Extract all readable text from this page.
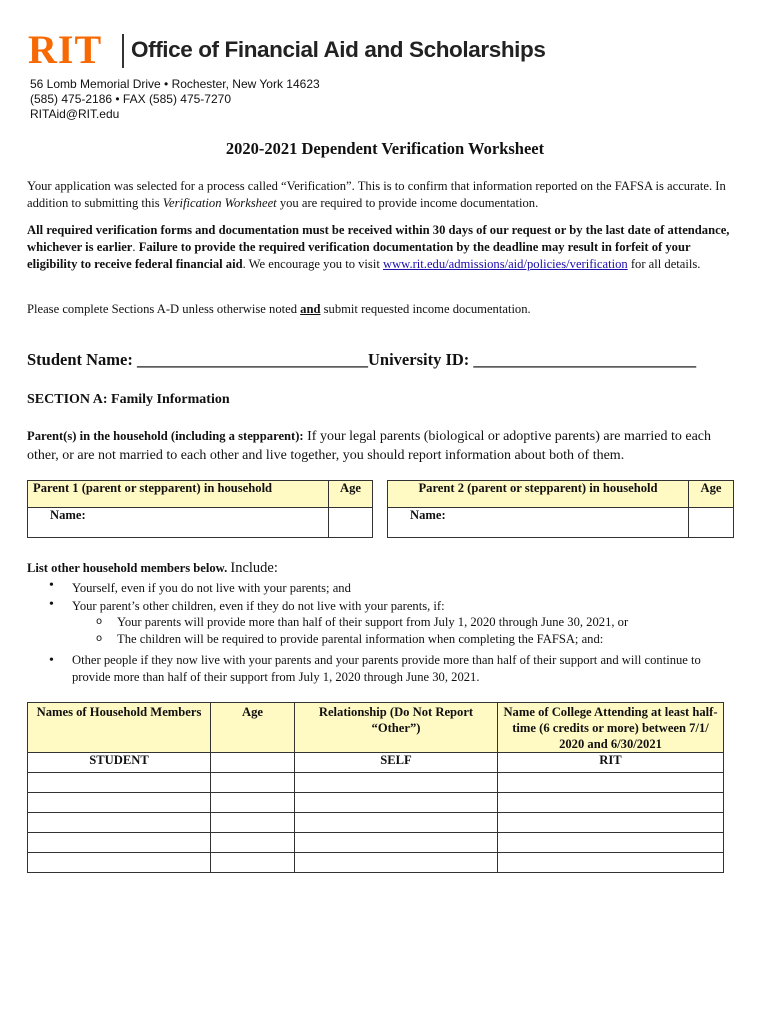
RIT Office of Financial Aid and Scholarships
56 Lomb Memorial Drive • Rochester, New York 14623
(585) 475-2186 • FAX (585) 475-7270
RITAid@RIT.edu
2020-2021 Dependent Verification Worksheet
Your application was selected for a process called “Verification”. This is to confirm that information reported on the FAFSA is accurate. In addition to submitting this Verification Worksheet you are required to provide income documentation.
All required verification forms and documentation must be received within 30 days of our request or by the last date of attendance, whichever is earlier. Failure to provide the required verification documentation by the deadline may result in forfeit of your eligibility to receive federal financial aid. We encourage you to visit www.rit.edu/admissions/aid/policies/verification for all details.
Please complete Sections A-D unless otherwise noted and submit requested income documentation.
Student Name: ____________________________University ID: ___________________________
SECTION A: Family Information
Parent(s) in the household (including a stepparent): If your legal parents (biological or adoptive parents) are married to each other, or are not married to each other and live together, you should report information about both of them.
Parent 1 (parent or stepparent) in household	Age
Name:	
Parent 2 (parent or stepparent) in household	Age
Name:	
List other household members below. Include:
• Yourself, even if you do not live with your parents; and
• Your parent’s other children, even if they do not live with your parents, if:
o Your parents will provide more than half of their support from July 1, 2020 through June 30, 2021, or
o The children will be required to provide parental information when completing the FAFSA; and:
• Other people if they now live with your parents and your parents provide more than half of their support and will continue to provide more than half of their support from July 1, 2020 through June 30, 2021.
Names of Household Members	Age	Relationship (Do Not Report “Other”)	Name of College Attending at least half-time (6 credits or more) between 7/1/ 2020 and 6/30/2021
STUDENT		SELF	RIT
